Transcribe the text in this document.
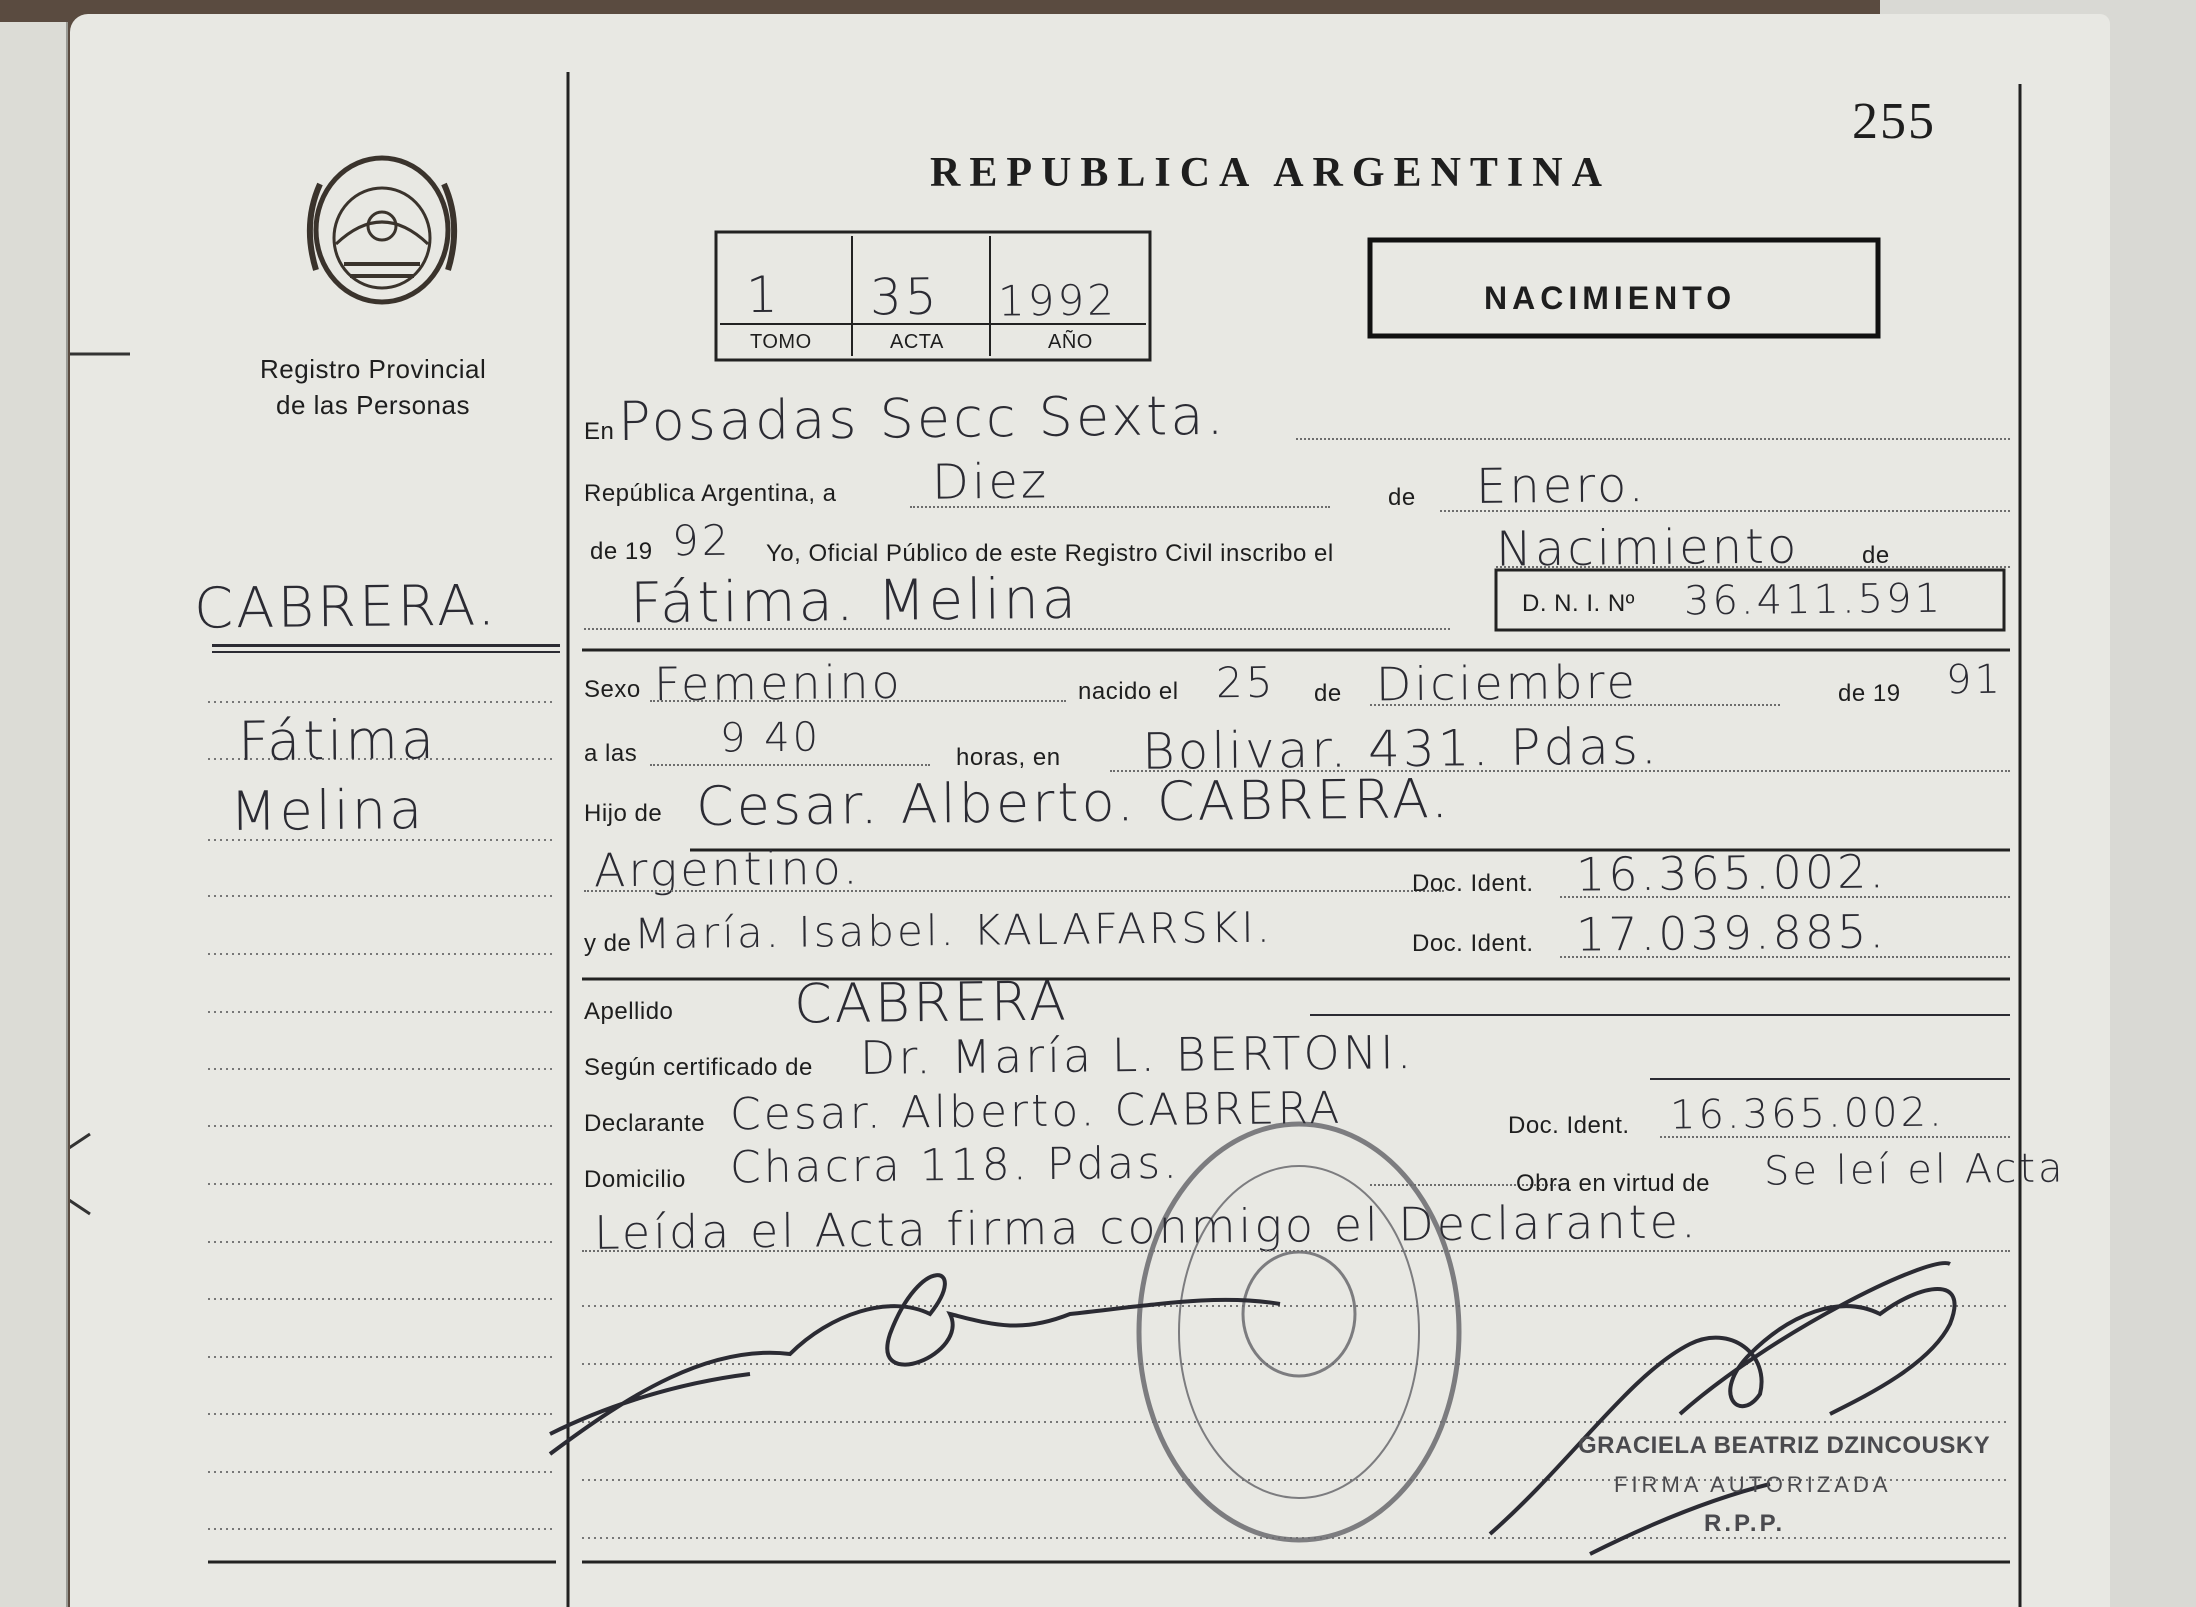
255
REPUBLICA ARGENTINA
Registro Provincial
de las Personas
NACIMIENTO
1 35 1992
TOMO	ACTA	AÑO
CABRERA.
Fátima
Melina
En Posadas Secc Sexta.
República Argentina, a Diez	de Enero.
de 19 92 Yo, Oficial Público de este Registro Civil inscribo el	Nacimiento	de
Fátima. Melina	D. N. I. Nº 36.411.591
Sexo Femenino	nacido el 25 de Diciembre	de 19 91
a las 9 40	horas, en Bolivar. 431. Pdas.
Hijo de Cesar. Alberto. CABRERA.
Argentino.	Doc. Ident. 16.365.002.
y de María. Isabel. KALAFARSKI.	Doc. Ident. 17.039.885.
Apellido CABRERA
Según certificado de Dr. María L. BERTONI.
Declarante Cesar. Alberto. CABRERA	Doc. Ident. 16.365.002.
Domicilio Chacra 118. Pdas.	Obra en virtud de Se leí el Acta
Leída el Acta firma conmigo el Declarante.
GRACIELA BEATRIZ DZINCOUSKY
FIRMA AUTORIZADA
R.P.P.
